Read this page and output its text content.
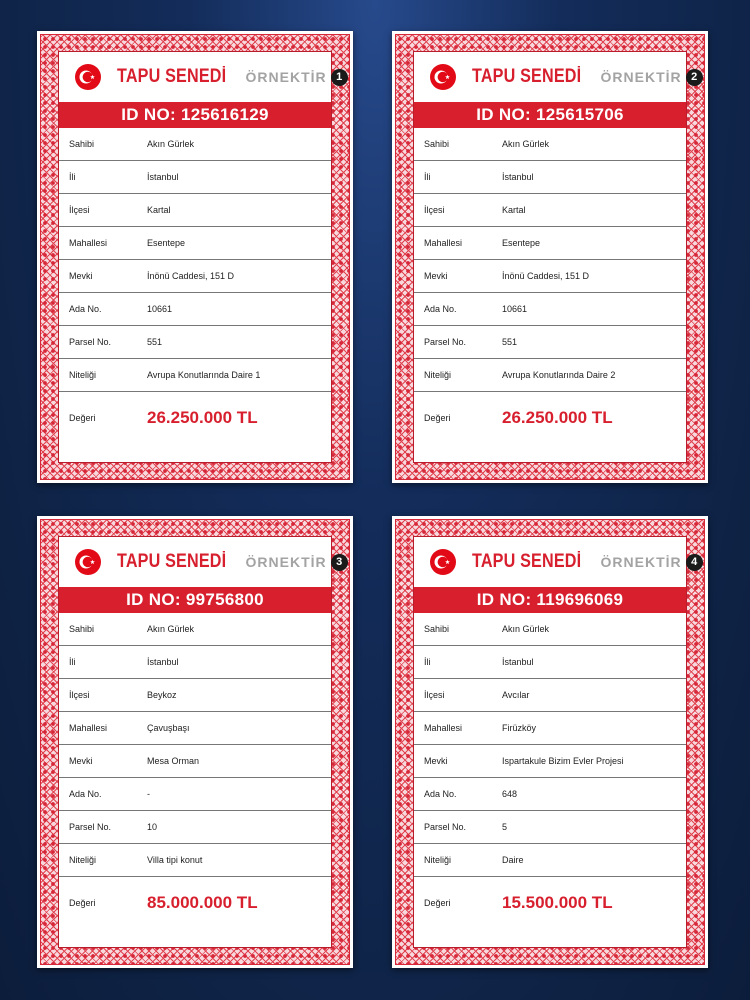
TAPU SENEDİ ÖRNEKTİR 1
ID NO: 125616129
Sahibi	Akın Gürlek
İli	İstanbul
İlçesi	Kartal
Mahallesi	Esentepe
Mevki	İnönü Caddesi, 151 D
Ada No.	10661
Parsel No.	551
Niteliği	Avrupa Konutlarında Daire 1
Değeri	26.250.000 TL
TAPU SENEDİ ÖRNEKTİR 2
ID NO: 125615706
Sahibi	Akın Gürlek
İli	İstanbul
İlçesi	Kartal
Mahallesi	Esentepe
Mevki	İnönü Caddesi, 151 D
Ada No.	10661
Parsel No.	551
Niteliği	Avrupa Konutlarında Daire 2
Değeri	26.250.000 TL
TAPU SENEDİ ÖRNEKTİR 3
ID NO: 99756800
Sahibi	Akın Gürlek
İli	İstanbul
İlçesi	Beykoz
Mahallesi	Çavuşbaşı
Mevki	Mesa Orman
Ada No.	-
Parsel No.	10
Niteliği	Villa tipi konut
Değeri	85.000.000 TL
TAPU SENEDİ ÖRNEKTİR 4
ID NO: 119696069
Sahibi	Akın Gürlek
İli	İstanbul
İlçesi	Avcılar
Mahallesi	Firüzköy
Mevki	Ispartakule Bizim Evler Projesi
Ada No.	648
Parsel No.	5
Niteliği	Daire
Değeri	15.500.000 TL
